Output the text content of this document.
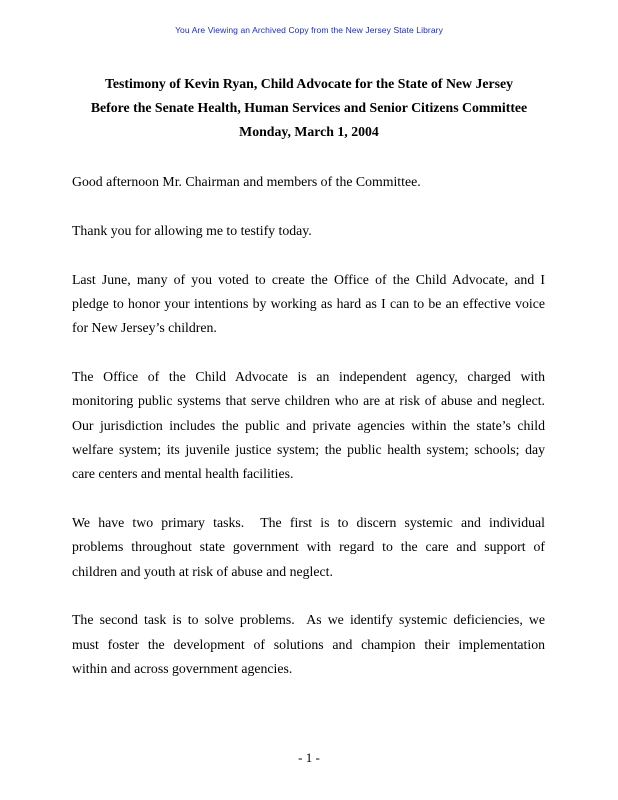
You Are Viewing an Archived Copy from the New Jersey State Library
Testimony of Kevin Ryan, Child Advocate for the State of New Jersey
Before the Senate Health, Human Services and Senior Citizens Committee
Monday, March 1, 2004

Good afternoon Mr. Chairman and members of the Committee.

Thank you for allowing me to testify today.

Last June, many of you voted to create the Office of the Child Advocate, and I
pledge to honor your intentions by working as hard as I can to be an effective voice
for New Jersey’s children.

The Office of the Child Advocate is an independent agency, charged with
monitoring public systems that serve children who are at risk of abuse and neglect.
Our jurisdiction includes the public and private agencies within the state’s child
welfare system; its juvenile justice system; the public health system; schools; day
care centers and mental health facilities.

We have two primary tasks.  The first is to discern systemic and individual
problems throughout state government with regard to the care and support of
children and youth at risk of abuse and neglect.

The second task is to solve problems.  As we identify systemic deficiencies, we
must foster the development of solutions and champion their implementation
within and across government agencies.

- 1 -
